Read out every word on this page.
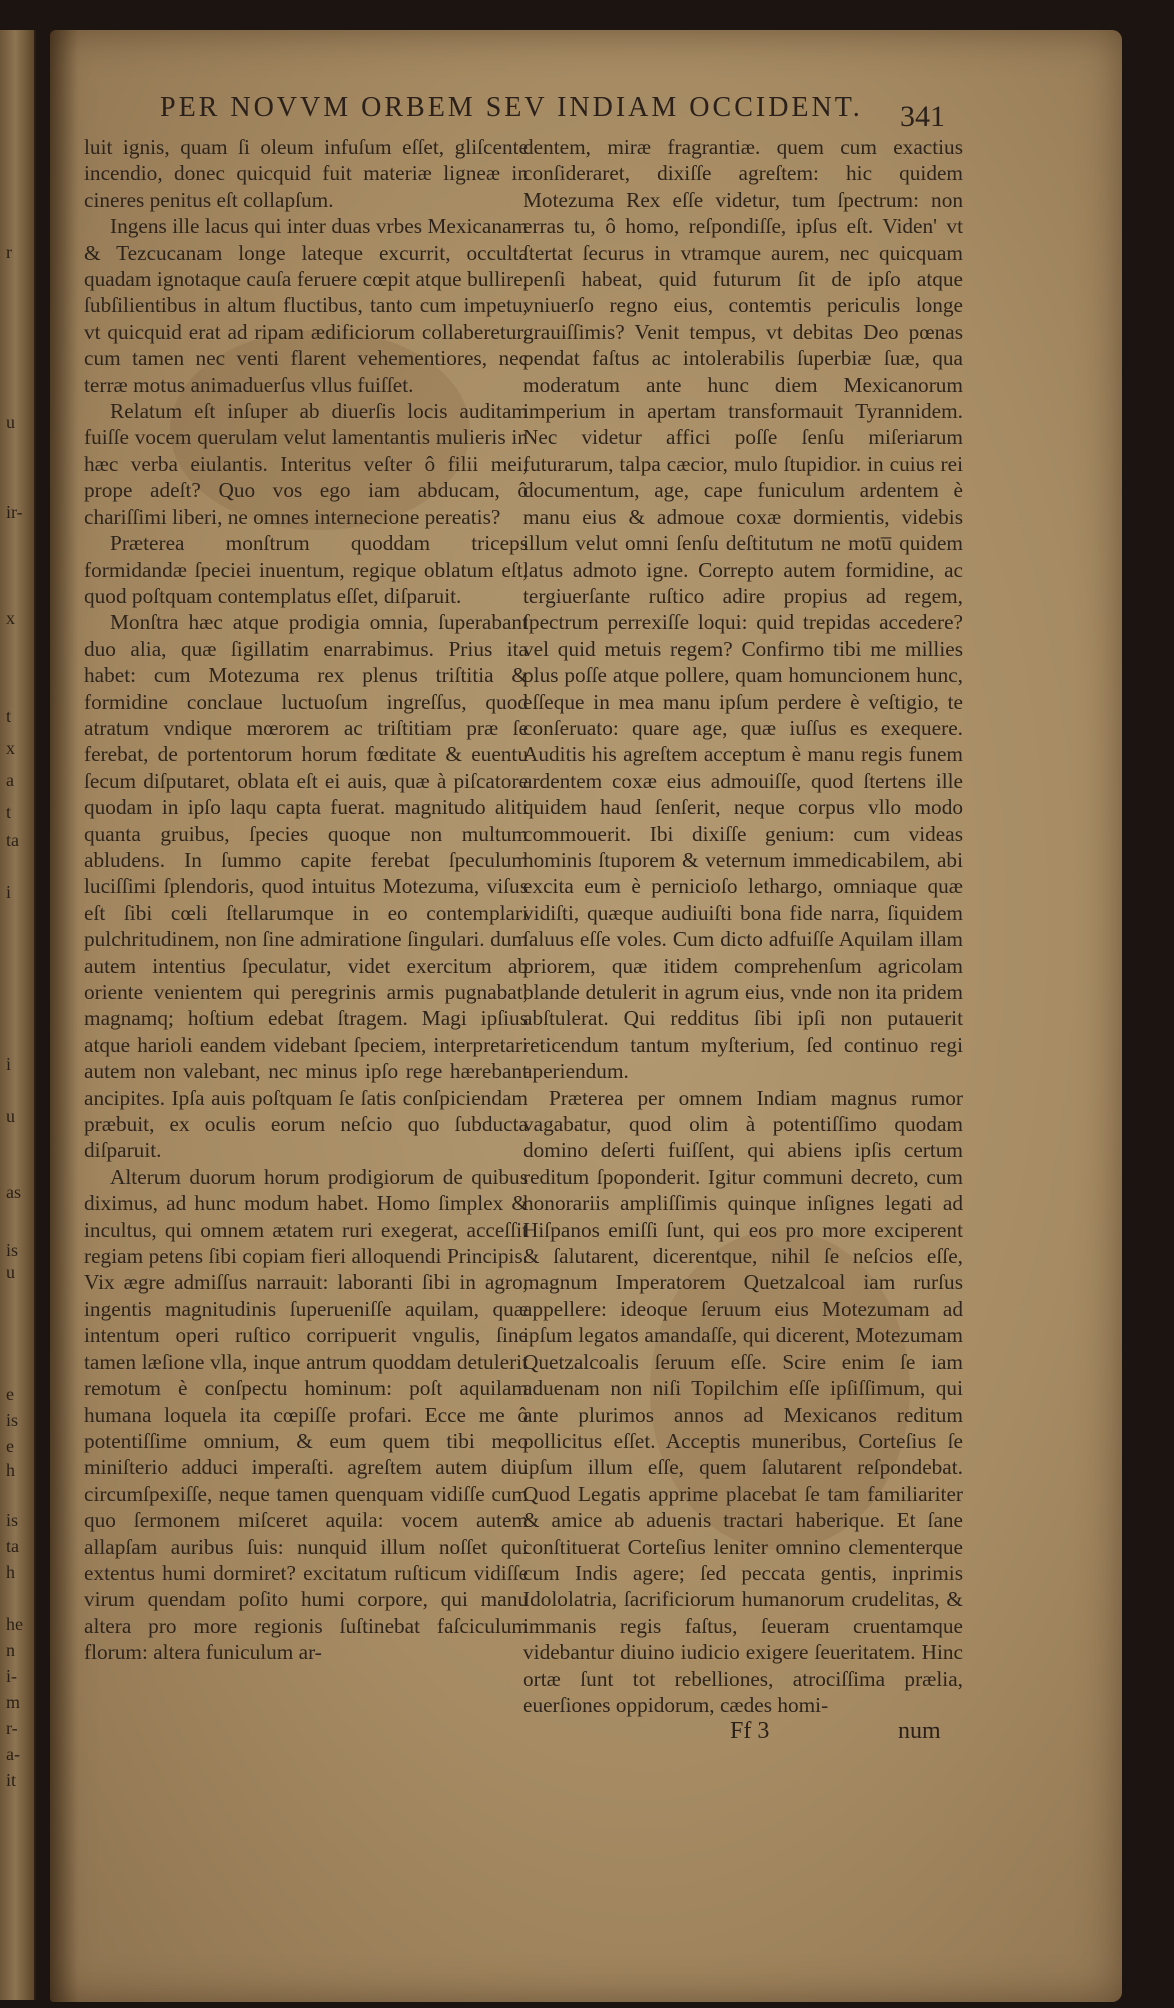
r
u
ir-
x
t
x
a
t
ta
i
i
u
as
is
u
e
is
e
h
is
ta
h
he
n
i-
m
r-
a-
it
PER NOVVM ORBEM SEV INDIAM OCCIDENT. 341

luit ignis, quam ſi oleum infuſum eſſet, gliſcente incendio, donec quicquid fuit materiæ ligneæ in cineres penitus eſt collapſum.

Ingens ille lacus qui inter duas vrbes Mexicanam & Tezcucanam longe lateque excurrit, occulta quadam ignotaque cauſa feruere cœpit atque bullire, ſubſilientibus in altum fluctibus, tanto cum impetu, vt quicquid erat ad ripam ædificiorum collaberetur, cum tamen nec venti flarent vehementiores, nec terræ motus animaduerſus vllus fuiſſet.

Relatum eſt inſuper ab diuerſis locis auditam fuiſſe vocem querulam velut lamentantis mulieris in hæc verba eiulantis. Interitus veſter ô filii mei, prope adeſt? Quo vos ego iam abducam, ô chariſſimi liberi, ne omnes internecione pereatis?

Præterea monſtrum quoddam triceps formidandæ ſpeciei inuentum, regique oblatum eſt, quod poſtquam contemplatus eſſet, diſparuit.

Monſtra hæc atque prodigia omnia, ſuperabant duo alia, quæ ſigillatim enarrabimus. Prius ita habet: cum Motezuma rex plenus triſtitia & formidine conclaue luctuoſum ingreſſus, quod atratum vndique mœrorem ac triſtitiam præ ſe ferebat, de portentorum horum fœditate & euentu ſecum diſputaret, oblata eſt ei auis, quæ à piſcatore quodam in ipſo laqu capta fuerat. magnitudo aliti quanta gruibus, ſpecies quoque non multum abludens. In ſummo capite ferebat ſpeculum luciſſimi ſplendoris, quod intuitus Motezuma, viſus eſt ſibi cœli ſtellarumque in eo contemplari pulchritudinem, non ſine admiratione ſingulari. dum autem intentius ſpeculatur, videt exercitum ab oriente venientem qui peregrinis armis pugnabat, magnamq; hoſtium edebat ſtragem. Magi ipſius atque harioli eandem videbant ſpeciem, interpretari autem non valebant, nec minus ipſo rege hærebant ancipites. Ipſa auis poſtquam ſe ſatis conſpiciendam præbuit, ex oculis eorum neſcio quo ſubducta diſparuit.

Alterum duorum horum prodigiorum de quibus diximus, ad hunc modum habet. Homo ſimplex & incultus, qui omnem ætatem ruri exegerat, acceſſit regiam petens ſibi copiam fieri alloquendi Principis. Vix ægre admiſſus narrauit: laboranti ſibi in agro, ingentis magnitudinis ſuperueniſſe aquilam, quæ intentum operi ruſtico corripuerit vngulis, ſine tamen læſione vlla, inque antrum quoddam detulerit remotum è conſpectu hominum: poſt aquilam humana loquela ita cœpiſſe profari. Ecce me ô potentiſſime omnium, & eum quem tibi meo miniſterio adduci imperaſti. agreſtem autem diu circumſpexiſſe, neque tamen quenquam vidiſſe cum quo ſermonem miſceret aquila: vocem autem allapſam auribus ſuis: nunquid illum noſſet qui extentus humi dormiret? excitatum ruſticum vidiſſe virum quendam poſito humi corpore, qui manu altera pro more regionis ſuſtinebat faſciculum florum: altera funiculum ar-

dentem, miræ fragrantiæ. quem cum exactius conſideraret, dixiſſe agreſtem: hic quidem Motezuma Rex eſſe videtur, tum ſpectrum: non erras tu, ô homo, reſpondiſſe, ipſus eſt. Viden' vt ſtertat ſecurus in vtramque aurem, nec quicquam penſi habeat, quid futurum ſit de ipſo atque vniuerſo regno eius, contemtis periculis longe grauiſſimis? Venit tempus, vt debitas Deo pœnas pendat faſtus ac intolerabilis ſuperbiæ ſuæ, qua moderatum ante hunc diem Mexicanorum imperium in apertam transformauit Tyrannidem. Nec videtur affici poſſe ſenſu miſeriarum futurarum, talpa cæcior, mulo ſtupidior. in cuius rei documentum, age, cape funiculum ardentem è manu eius & admoue coxæ dormientis, videbis illum velut omni ſenſu deſtitutum ne motu̅ quidem latus admoto igne. Correpto autem formidine, ac tergiuerſante ruſtico adire propius ad regem, ſpectrum perrexiſſe loqui: quid trepidas accedere? vel quid metuis regem? Confirmo tibi me millies plus poſſe atque pollere, quam homuncionem hunc, eſſeque in mea manu ipſum perdere è veſtigio, te conſeruato: quare age, quæ iuſſus es exequere. Auditis his agreſtem acceptum è manu regis funem ardentem coxæ eius admouiſſe, quod ſtertens ille quidem haud ſenſerit, neque corpus vllo modo commouerit. Ibi dixiſſe genium: cum videas hominis ſtuporem & veternum immedicabilem, abi excita eum è pernicioſo lethargo, omniaque quæ vidiſti, quæque audiuiſti bona fide narra, ſiquidem ſaluus eſſe voles. Cum dicto adfuiſſe Aquilam illam priorem, quæ itidem comprehenſum agricolam blande detulerit in agrum eius, vnde non ita pridem abſtulerat. Qui redditus ſibi ipſi non putauerit reticendum tantum myſterium, ſed continuo regi aperiendum.

Præterea per omnem Indiam magnus rumor vagabatur, quod olim à potentiſſimo quodam domino deſerti fuiſſent, qui abiens ipſis certum reditum ſpoponderit. Igitur communi decreto, cum honorariis ampliſſimis quinque inſignes legati ad Hiſpanos emiſſi ſunt, qui eos pro more exciperent & ſalutarent, dicerentque, nihil ſe neſcios eſſe, magnum Imperatorem Quetzalcoal iam rurſus appellere: ideoque ſeruum eius Motezumam ad ipſum legatos amandaſſe, qui dicerent, Motezumam Quetzalcoalis ſeruum eſſe. Scire enim ſe iam aduenam non niſi Topilchim eſſe ipſiſſimum, qui ante plurimos annos ad Mexicanos reditum pollicitus eſſet. Acceptis muneribus, Corteſius ſe ipſum illum eſſe, quem ſalutarent reſpondebat. Quod Legatis apprime placebat ſe tam familiariter & amice ab aduenis tractari haberique. Et ſane conſtituerat Corteſius leniter omnino clementerque cum Indis agere; ſed peccata gentis, inprimis Idololatria, ſacrificiorum humanorum crudelitas, & immanis regis faſtus, ſeueram cruentamque videbantur diuino iudicio exigere ſeueritatem. Hinc ortæ ſunt tot rebelliones, atrociſſima prælia, euerſiones oppidorum, cædes homi-

Ff 3	num
